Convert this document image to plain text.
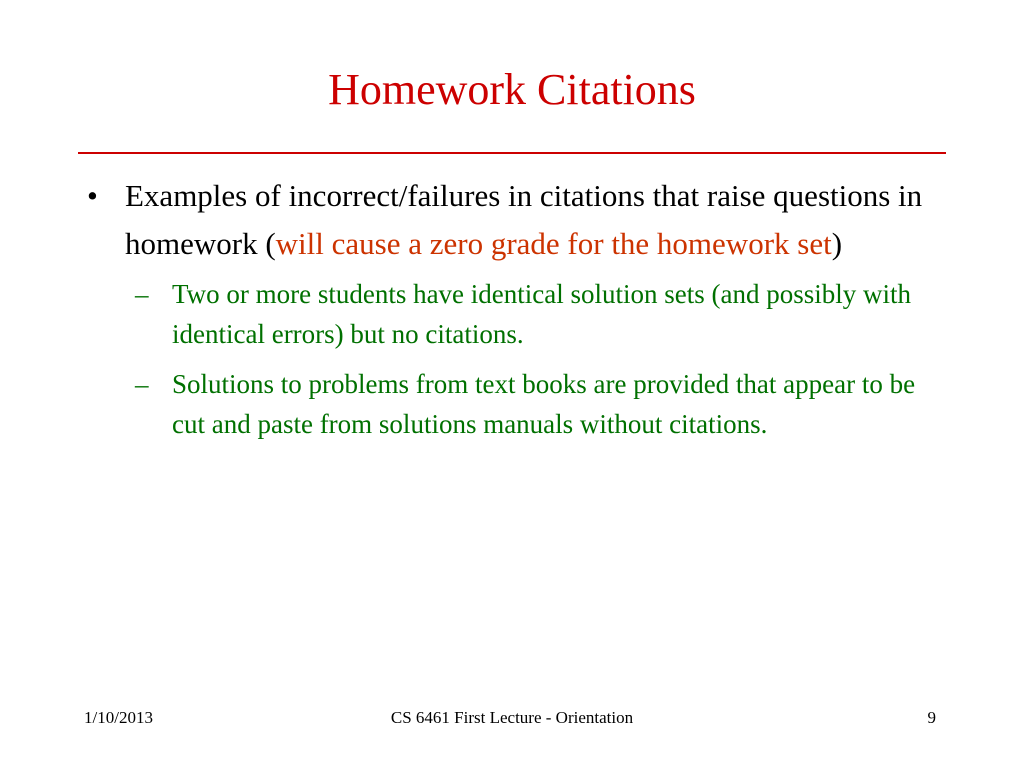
Homework Citations
• Examples of incorrect/failures in citations that raise questions in homework (will cause a zero grade for the homework set)
– Two or more students have identical solution sets (and possibly with identical errors) but no citations.
– Solutions to problems from text books are provided that appear to be cut and paste from solutions manuals without citations.
1/10/2013	CS 6461 First Lecture - Orientation	9
